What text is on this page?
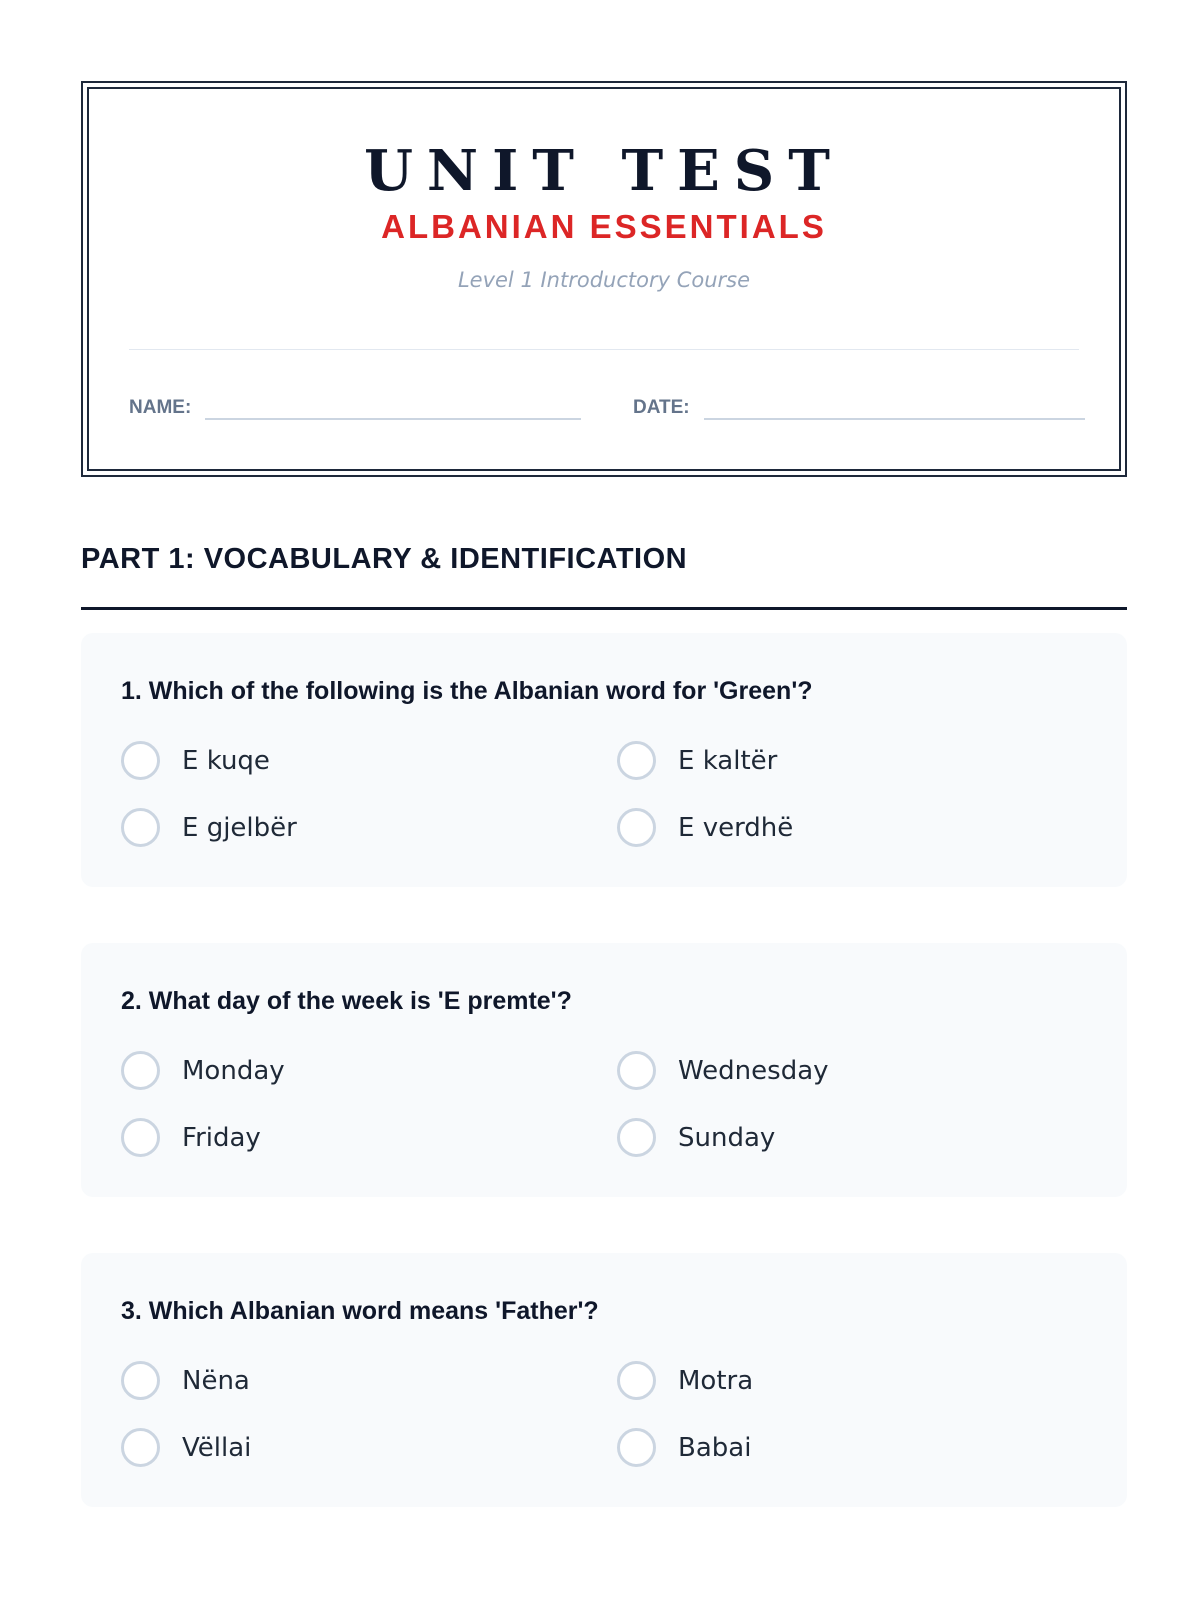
UNIT TEST
ALBANIAN ESSENTIALS
Level 1 Introductory Course
NAME:	DATE:
PART 1: VOCABULARY & IDENTIFICATION
1. Which of the following is the Albanian word for 'Green'?
E kuqe	E kaltër
E gjelbër	E verdhë
2. What day of the week is 'E premte'?
Monday	Wednesday
Friday	Sunday
3. Which Albanian word means 'Father'?
Nëna	Motra
Vëllai	Babai
